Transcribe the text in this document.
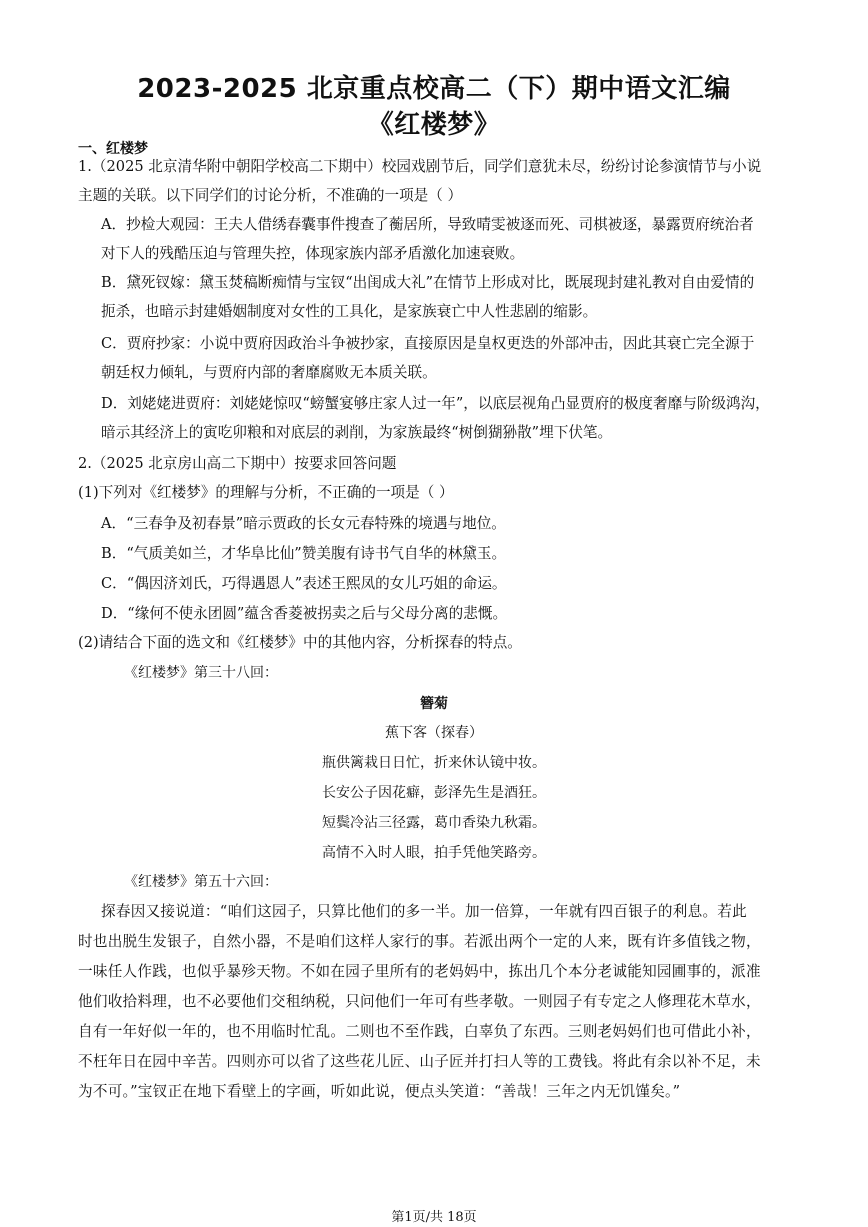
2023-2025 北京重点校高二（下）期中语文汇编
《红楼梦》
一、红楼梦
1.（2025 北京清华附中朝阳学校高二下期中）校园戏剧节后，同学们意犹未尽，纷纷讨论参演情节与小说
主题的关联。以下同学们的讨论分析，不准确的一项是（ ）
A．抄检大观园：王夫人借绣春囊事件搜查了蘅居所，导致晴雯被逐而死、司棋被逐，暴露贾府统治者
对下人的残酷压迫与管理失控，体现家族内部矛盾激化加速衰败。
B．黛死钗嫁：黛玉焚稿断痴情与宝钗“出闺成大礼”在情节上形成对比，既展现封建礼教对自由爱情的
扼杀，也暗示封建婚姻制度对女性的工具化，是家族衰亡中人性悲剧的缩影。
C．贾府抄家：小说中贾府因政治斗争被抄家，直接原因是皇权更迭的外部冲击，因此其衰亡完全源于
朝廷权力倾轧，与贾府内部的奢靡腐败无本质关联。
D．刘姥姥进贾府：刘姥姥惊叹“螃蟹宴够庄家人过一年”，以底层视角凸显贾府的极度奢靡与阶级鸿沟，
暗示其经济上的寅吃卯粮和对底层的剥削，为家族最终“树倒猢狲散”埋下伏笔。
2.（2025 北京房山高二下期中）按要求回答问题
(1)下列对《红楼梦》的理解与分析，不正确的一项是（ ）
A．“三春争及初春景”暗示贾政的长女元春特殊的境遇与地位。
B．“气质美如兰，才华阜比仙”赞美腹有诗书气自华的林黛玉。
C．“偶因济刘氏，巧得遇恩人”表述王熙凤的女儿巧姐的命运。
D．“缘何不使永团圆”蕴含香菱被拐卖之后与父母分离的悲慨。
(2)请结合下面的选文和《红楼梦》中的其他内容，分析探春的特点。
《红楼梦》第三十八回：
簪菊
蕉下客（探春）
瓶供篱栽日日忙，折来休认镜中妆。
长安公子因花癖，彭泽先生是酒狂。
短鬓冷沾三径露，葛巾香染九秋霜。
高情不入时人眼，拍手凭他笑路旁。
《红楼梦》第五十六回：
探春因又接说道：“咱们这园子，只算比他们的多一半。加一倍算，一年就有四百银子的利息。若此
时也出脱生发银子，自然小器，不是咱们这样人家行的事。若派出两个一定的人来，既有许多值钱之物，
一味任人作践，也似乎暴殄天物。不如在园子里所有的老妈妈中，拣出几个本分老诚能知园圃事的，派准
他们收拾料理，也不必要他们交租纳税，只问他们一年可有些孝敬。一则园子有专定之人修理花木草水，
自有一年好似一年的，也不用临时忙乱。二则也不至作践，白辜负了东西。三则老妈妈们也可借此小补，
不枉年日在园中辛苦。四则亦可以省了这些花儿匠、山子匠并打扫人等的工费钱。将此有余以补不足，未
为不可。”宝钗正在地下看壁上的字画，听如此说，便点头笑道：“善哉！三年之内无饥馑矣。”
第1页/共 18页
